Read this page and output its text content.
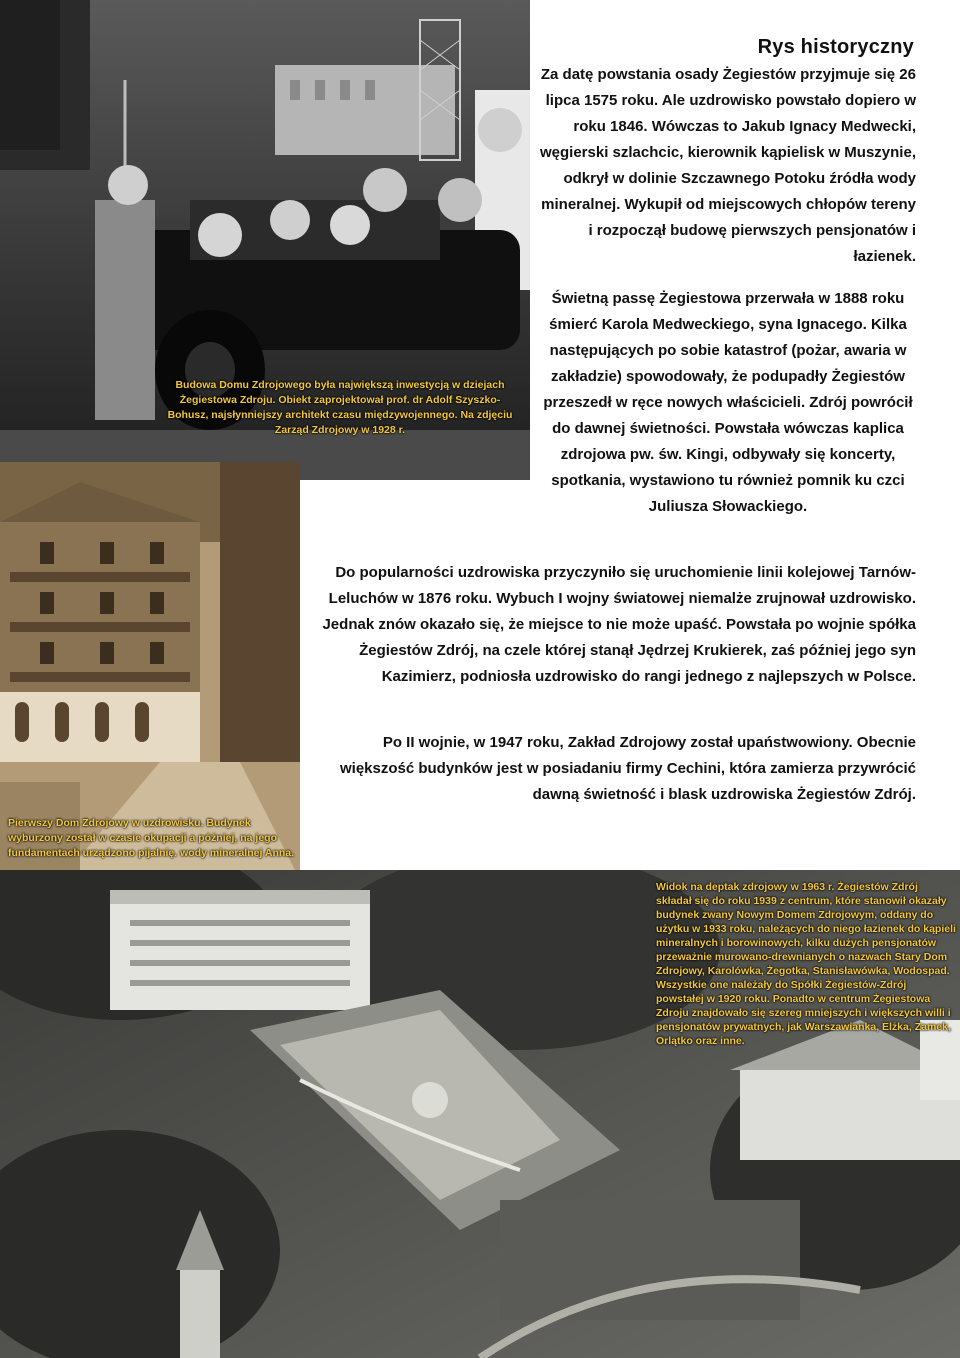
Budowa Domu Zdrojowego była największą inwestycją w dziejach Żegiestowa Zdroju. Obiekt zaprojektował prof. dr Adolf Szyszko-Bohusz, najsłynniejszy architekt czasu międzywojennego. Na zdjęciu Zarząd Zdrojowy w 1928 r.
Pierwszy Dom Zdrojowy w uzdrowisku. Budynek wyburzony został w czasie okupacji a później, na jego fundamentach urządzono pijalnię. wody mineralnej Anna.
Widok na deptak zdrojowy w 1963 r. Żegiestów Zdrój składał się do roku 1939 z centrum, które stanowił okazały budynek zwany Nowym Domem Zdrojowym, oddany do użytku w 1933 roku, należących do niego łazienek do kąpieli mineralnych i borowinowych, kilku dużych pensjonatów przeważnie murowano-drewnianych o nazwach Stary Dom Zdrojowy, Karolówka, Żegotka, Stanisławówka, Wodospad. Wszystkie one należały do Spółki Żegiestów-Zdrój powstałej w 1920 roku. Ponadto w centrum Żegiestowa Zdroju znajdowało się szereg mniejszych i większych willi i pensjonatów prywatnych, jak Warszawianka, Elżka, Zamek, Orlątko oraz inne.
Rys historyczny
Za datę powstania osady Żegiestów przyjmuje się 26 lipca 1575 roku. Ale uzdrowisko powstało dopiero w roku 1846. Wówczas to Jakub Ignacy Medwecki, węgierski szlachcic, kierownik kąpielisk w Muszynie, odkrył w dolinie Szczawnego Potoku źródła wody mineralnej. Wykupił od miejscowych chłopów tereny i rozpoczął budowę pierwszych pensjonatów i łazienek.
Świetną passę Żegiestowa przerwała w 1888 roku śmierć Karola Medweckiego, syna Ignacego. Kilka następujących po sobie katastrof (pożar, awaria w zakładzie) spowodowały, że podupadły Żegiestów przeszedł w ręce nowych właścicieli. Zdrój powrócił do dawnej świetności. Powstała wówczas kaplica zdrojowa pw. św. Kingi, odbywały się koncerty, spotkania, wystawiono tu również pomnik ku czci Juliusza Słowackiego.
Do popularności uzdrowiska przyczyniło się uruchomienie linii kolejowej Tarnów-Leluchów w 1876 roku. Wybuch I wojny światowej niemalże zrujnował uzdrowisko. Jednak znów okazało się, że miejsce to nie może upaść. Powstała po wojnie spółka Żegiestów Zdrój, na czele której stanął Jędrzej Krukierek, zaś później jego syn Kazimierz, podniosła uzdrowisko do rangi jednego z najlepszych w Polsce.
Po II wojnie, w 1947 roku, Zakład Zdrojowy został upaństwowiony. Obecnie większość budynków jest w posiadaniu firmy Cechini, która zamierza przywrócić dawną świetność i blask uzdrowiska Żegiestów Zdrój.
